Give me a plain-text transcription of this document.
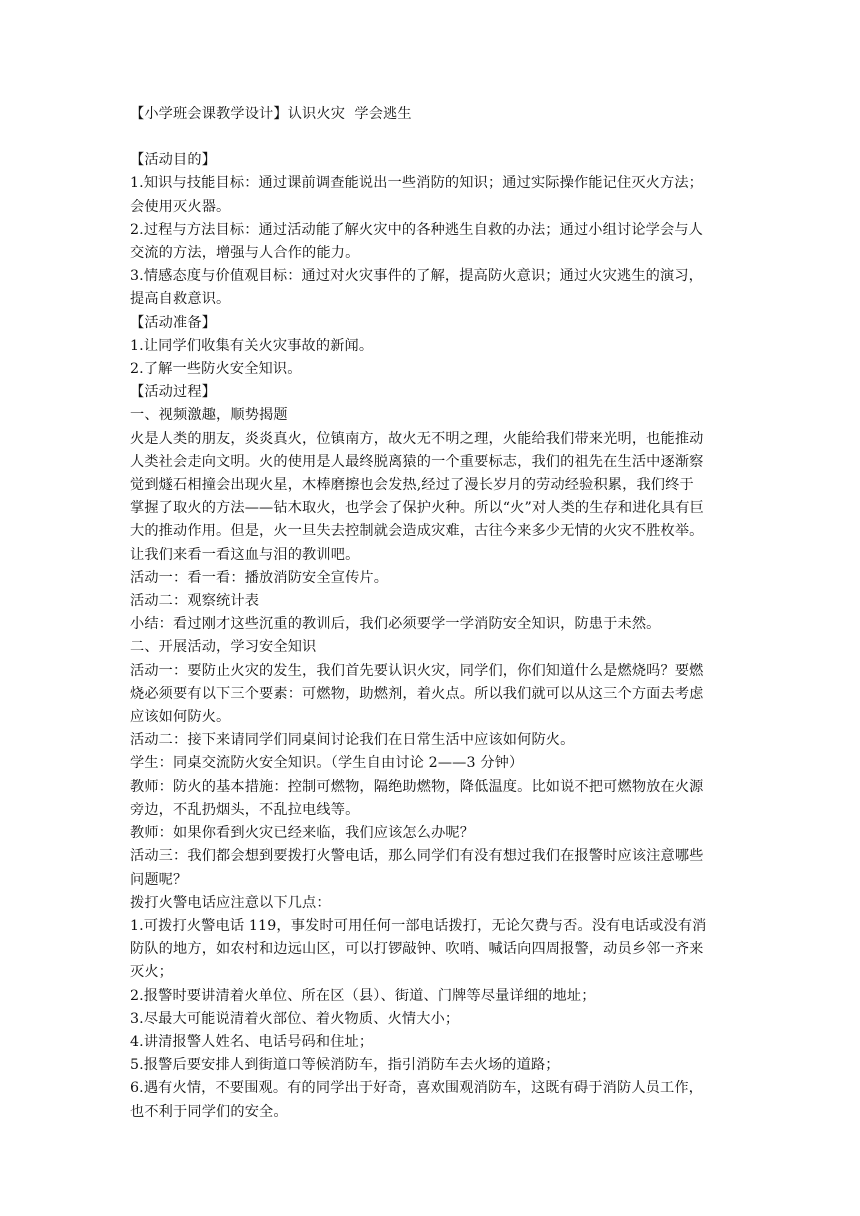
【小学班会课教学设计】认识火灾  学会逃生
【活动目的】
1.知识与技能目标：通过课前调查能说出一些消防的知识；通过实际操作能记住灭火方法；
会使用灭火器。
2.过程与方法目标：通过活动能了解火灾中的各种逃生自救的办法；通过小组讨论学会与人
交流的方法，增强与人合作的能力。
3.情感态度与价值观目标：通过对火灾事件的了解，提高防火意识；通过火灾逃生的演习，
提高自救意识。
【活动准备】
1.让同学们收集有关火灾事故的新闻。
2.了解一些防火安全知识。
【活动过程】
一、视频激趣，顺势揭题
火是人类的朋友，炎炎真火，位镇南方，故火无不明之理，火能给我们带来光明，也能推动
人类社会走向文明。火的使用是人最终脱离猿的一个重要标志，我们的祖先在生活中逐渐察
觉到燧石相撞会出现火星，木棒磨擦也会发热,经过了漫长岁月的劳动经验积累，我们终于
掌握了取火的方法——钻木取火，也学会了保护火种。所以“火”对人类的生存和进化具有巨
大的推动作用。但是，火一旦失去控制就会造成灾难，古往今来多少无情的火灾不胜枚举。
让我们来看一看这血与泪的教训吧。
活动一：看一看：播放消防安全宣传片。
活动二：观察统计表
小结：看过刚才这些沉重的教训后，我们必须要学一学消防安全知识，防患于未然。
二、开展活动，学习安全知识
活动一：要防止火灾的发生，我们首先要认识火灾，同学们，你们知道什么是燃烧吗？要燃
烧必须要有以下三个要素：可燃物，助燃剂，着火点。所以我们就可以从这三个方面去考虑
应该如何防火。
活动二：接下来请同学们同桌间讨论我们在日常生活中应该如何防火。
学生：同桌交流防火安全知识。（学生自由讨论 2——3 分钟）
教师：防火的基本措施：控制可燃物，隔绝助燃物，降低温度。比如说不把可燃物放在火源
旁边，不乱扔烟头，不乱拉电线等。
教师：如果你看到火灾已经来临，我们应该怎么办呢？
活动三：我们都会想到要拨打火警电话，那么同学们有没有想过我们在报警时应该注意哪些
问题呢？
拨打火警电话应注意以下几点：
1.可拨打火警电话 119，事发时可用任何一部电话拨打，无论欠费与否。没有电话或没有消
防队的地方，如农村和边远山区，可以打锣敲钟、吹哨、喊话向四周报警，动员乡邻一齐来
灭火；
2.报警时要讲清着火单位、所在区（县）、街道、门牌等尽量详细的地址；
3.尽最大可能说清着火部位、着火物质、火情大小；
4.讲清报警人姓名、电话号码和住址；
5.报警后要安排人到街道口等候消防车，指引消防车去火场的道路；
6.遇有火情，不要围观。有的同学出于好奇，喜欢围观消防车，这既有碍于消防人员工作，
也不利于同学们的安全。
